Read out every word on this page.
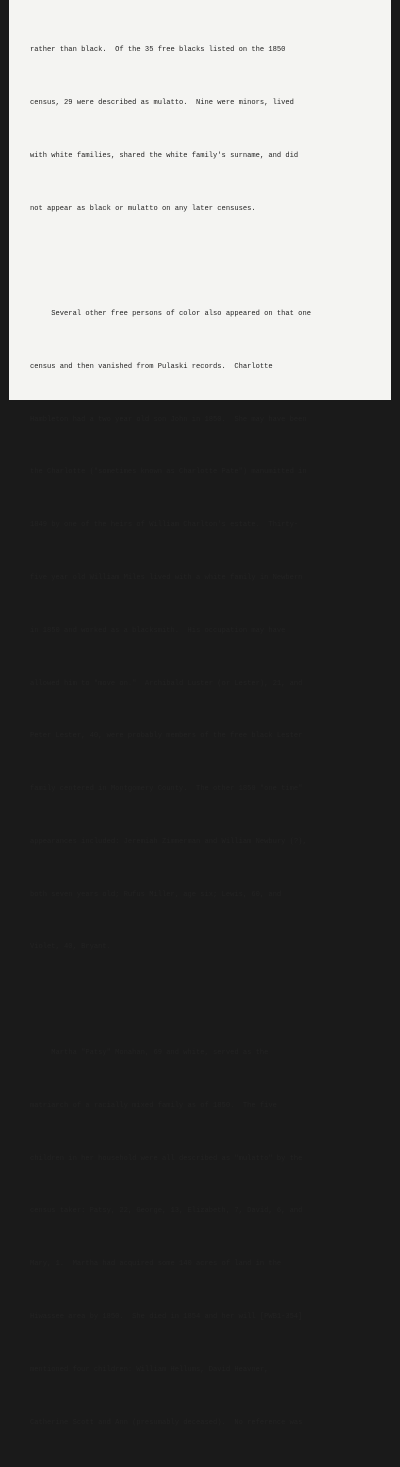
rather than black.  Of the 35 free blacks listed on the 1850

census, 29 were described as mulatto.  Nine were minors, lived

with white families, shared the white family's surname, and did

not appear as black or mulatto on any later censuses.

Several other free persons of color also appeared on that one

census and then vanished from Pulaski records.  Charlotte

Hambleton had a two year old son John in 1850.  She may have been

the Charlotte ("sometimes known as Charlotte Pate") manumitted in

1849 by one of the heirs of William Charlton's estate.  Thirty-

five year old William Miles lived with a white family in Newbern

in 1850 and worked as a blacksmith.  His occupation may have

allowed him to "move on."  Archibald Luster (or Lester), 21, and

Peter Lester, 40, were probably members of the free black Lester

family centered in Montgomery County.  The other 1850 "one time"

appearances included: Jeremiah Zimmerman and William Newbury (?),

both seven years old; Rufus Miller, age six; Lewis, 60, and

Violet, 40, Bryant.

Martha "Patsy" Monahan, 69 and white, served as the

matriarch of a racially mixed family as of 1850.  The five

children in her household were all described as "mulatto" by the

census taker: Patsy, 22, George, 13, Elizabeth, 7, David, 6, and

Mary, 1.  Martha had acquired some 140 acres of land in the

Hiwassee area by 1850.  She died in 1854 and her will [PWB1-354]

mentioned four children: William Hellums, David Heavner,

Catherine Scott and Ann (presumably deceased).  No reference was
